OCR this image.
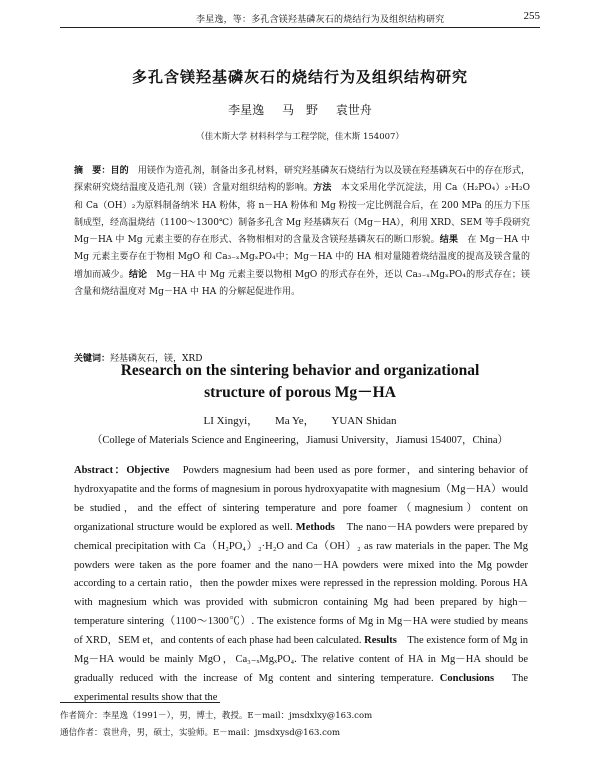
李星逸，等：多孔含镁羟基磷灰石的烧结行为及组织结构研究	255
多孔含镁羟基磷灰石的烧结行为及组织结构研究
李星逸 马　野 袁世舟
（佳木斯大学 材料科学与工程学院，佳木斯 154007）
摘　要：目的　用镁作为造孔剂，制备出多孔材料，研究羟基磷灰石烧结行为以及镁在羟基磷灰石中的存在形式，探索研究烧结温度及造孔剂（镁）含量对组织结构的影响。方法　本文采用化学沉淀法，用 Ca（H₂PO₄）₂·H₂O 和 Ca（OH）₂为原料制备纳米 HA 粉体，将 n－HA 粉体和 Mg 粉按一定比例混合后，在 200 MPa 的压力下压制成型，经高温烧结（1100～1300℃）制备多孔含 Mg 羟基磷灰石（Mg－HA），利用 XRD、SEM 等手段研究 Mg－HA 中 Mg 元素主要的存在形式、各物相相对的含量及含镁羟基磷灰石的断口形貌。结果　在 Mg－HA 中 Mg 元素主要存在于物相 MgO 和 Ca₃₋ₓMgₓPO₄中；Mg－HA 中的 HA 相对量随着烧结温度的提高及镁含量的增加而减少。结论　Mg－HA 中 Mg 元素主要以物相 MgO 的形式存在外，还以 Ca₃₋ₓMgₓPO₄的形式存在；镁含量和烧结温度对 Mg－HA 中 HA 的分解起促进作用。
关键词：羟基磷灰石，镁，XRD
Research on the sintering behavior and organizational
structure of porous Mg－HA
LI Xingyi， Ma Ye， YUAN Shidan
（College of Materials Science and Engineering，Jiamusi University，Jiamusi 154007，China）
Abstract：Objective　Powders magnesium had been used as pore former，and sintering behavior of hydroxyapatite and the forms of magnesium in porous hydroxyapatite with magnesium（Mg－HA）would be studied，and the effect of sintering temperature and pore foamer（magnesium）content on organizational structure would be explored as well. Methods　The nano－HA powders were prepared by chemical precipitation with Ca（H₂PO₄）₂·H₂O and Ca（OH）₂ as raw materials in the paper. The Mg powders were taken as the pore foamer and the nano－HA powders were mixed into the Mg powder according to a certain ratio，then the powder mixes were repressed in the repression molding. Porous HA with magnesium which was provided with submicron containing Mg had been prepared by high－temperature sintering（1100～1300℃）. The existence forms of Mg in Mg－HA were studied by means of XRD，SEM et，and contents of each phase had been calculated. Results　The existence form of Mg in Mg－HA would be mainly MgO，Ca₃₋ₓMgₓPO₄. The relative content of HA in Mg－HA should be gradually reduced with the increase of Mg content and sintering temperature. Conclusions　The experimental results show that the
作者简介：李星逸（1991－），男，博士，教授。E－mail：jmsdxlxy@163.com
通信作者：袁世舟，男，硕士，实验师。E－mail：jmsdxysd@163.com
